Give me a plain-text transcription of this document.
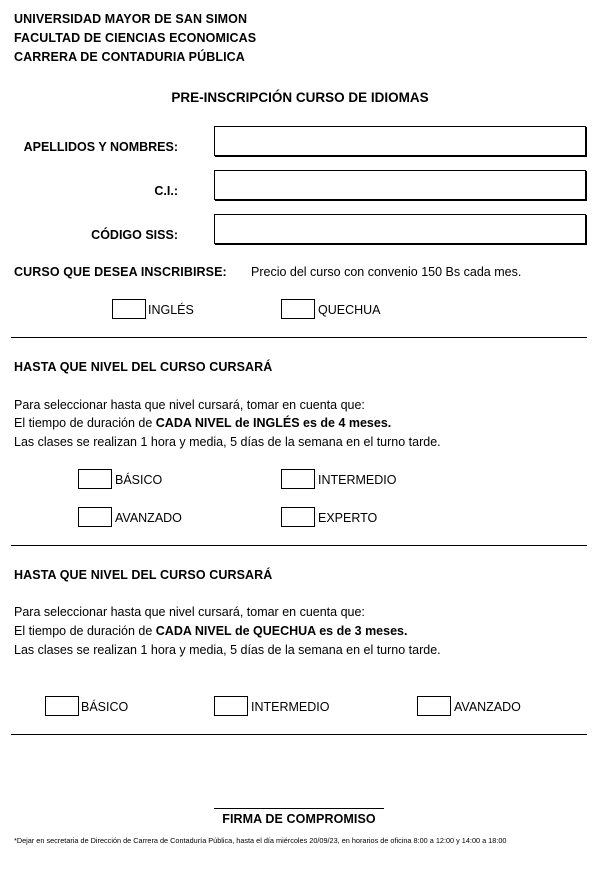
UNIVERSIDAD MAYOR DE SAN SIMON
FACULTAD DE CIENCIAS ECONOMICAS
CARRERA DE CONTADURIA PÚBLICA
PRE-INSCRIPCIÓN CURSO DE IDIOMAS
APELLIDOS Y NOMBRES:
C.I.:
CÓDIGO SISS:
CURSO QUE DESEA INSCRIBIRSE: Precio del curso con convenio 150 Bs cada mes.
INGLÉS	QUECHUA
HASTA QUE NIVEL DEL CURSO CURSARÁ
Para seleccionar hasta que nivel cursará, tomar en cuenta que:
El tiempo de duración de CADA NIVEL de INGLÉS es de 4 meses.
Las clases se realizan 1 hora y media, 5 días de la semana en el turno tarde.
BÁSICO	INTERMEDIO
AVANZADO	EXPERTO
HASTA QUE NIVEL DEL CURSO CURSARÁ
Para seleccionar hasta que nivel cursará, tomar en cuenta que:
El tiempo de duración de CADA NIVEL de QUECHUA es de 3 meses.
Las clases se realizan 1 hora y media, 5 días de la semana en el turno tarde.
BÁSICO	INTERMEDIO	AVANZADO
FIRMA DE COMPROMISO
*Dejar en secretaria de Dirección de Carrera de Contaduría Pública, hasta el día miércoles 20/09/23, en horarios de oficina 8:00 a 12:00 y 14:00 a 18:00
